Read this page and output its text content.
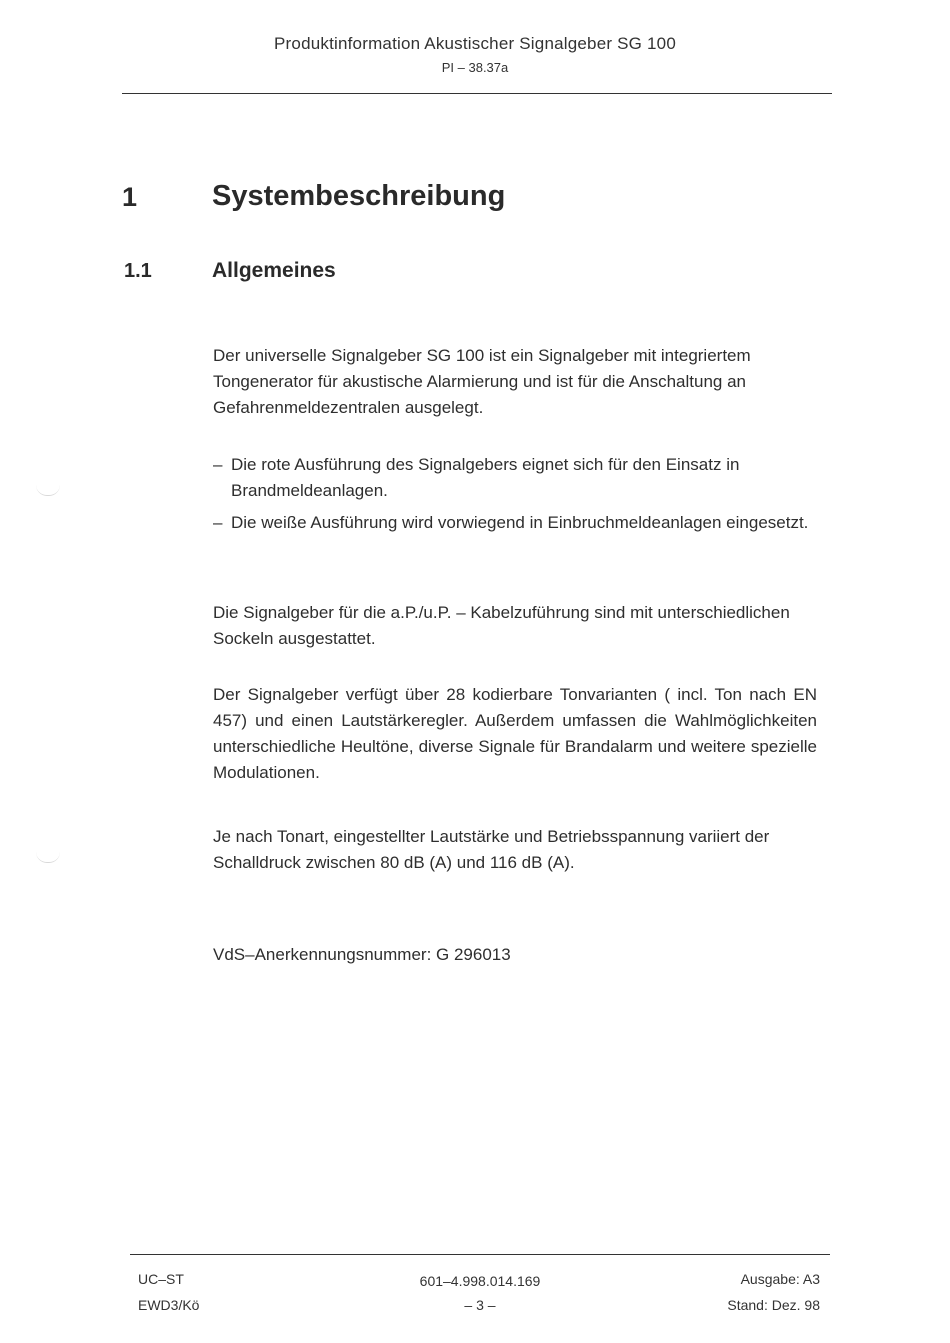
Produktinformation Akustischer Signalgeber SG 100
PI – 38.37a
1	Systembeschreibung
1.1	Allgemeines
Der universelle Signalgeber SG 100 ist ein Signalgeber mit integriertem Tongenerator für akustische Alarmierung und ist für die Anschaltung an Gefahrenmeldezentralen ausgelegt.
– Die rote Ausführung des Signalgebers eignet sich für den Einsatz in Brandmeldeanlagen.
– Die weiße Ausführung wird vorwiegend in Einbruchmeldeanlagen eingesetzt.
Die Signalgeber für die a.P./u.P. – Kabelzuführung sind mit unterschiedlichen Sockeln ausgestattet.
Der Signalgeber verfügt über 28 kodierbare Tonvarianten ( incl. Ton nach EN 457) und einen Lautstärkeregler. Außerdem umfassen die Wahlmöglichkeiten unterschiedliche Heultöne, diverse Signale für Brandalarm und weitere spezielle Modulationen.
Je nach Tonart, eingestellter Lautstärke und Betriebsspannung variiert der Schalldruck zwischen 80 dB (A) und 116 dB (A).
VdS–Anerkennungsnummer: G 296013
UC–ST
EWD3/Kö
601–4.998.014.169
– 3 –
Ausgabe: A3
Stand: Dez. 98
